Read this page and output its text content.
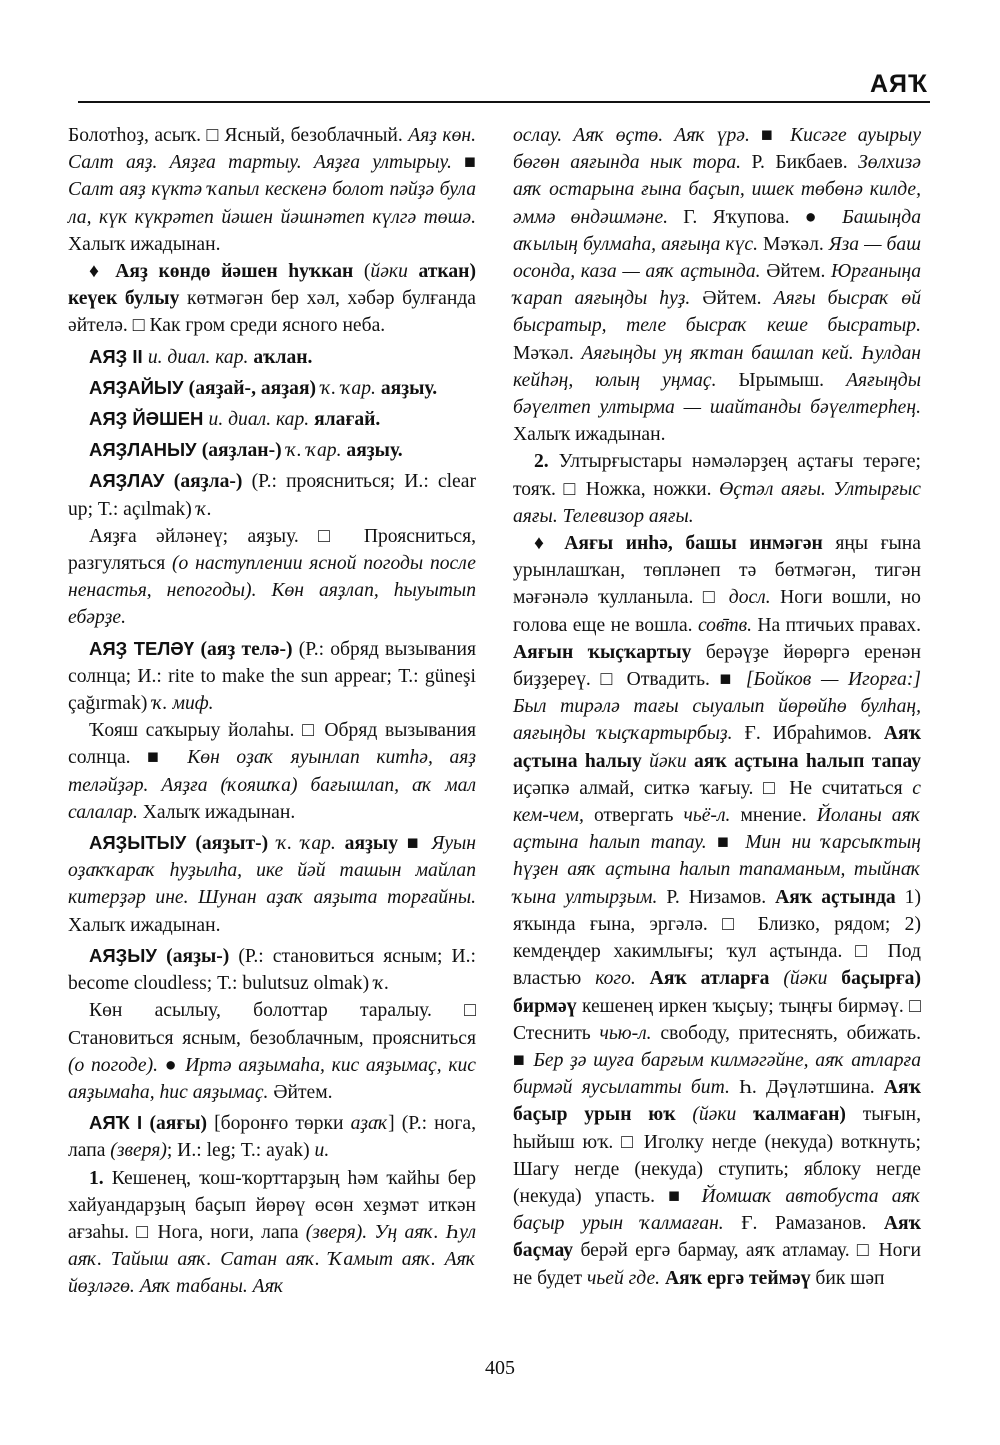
АЯҠ

Болотһоҙ, асыҡ. □ Ясный, безоблачный. Аяҙ көн. Салт аяҙ. Аяҙға тартыу. Аяҙға ултырыу. ■ Салт аяҙ күктә ҡапыл кескенә болот пәйҙә була ла, күк күкрәтеп йәшен йәшнәтеп күлгә төшә. Халыҡ ижадынан.

♦ Аяҙ көндө йәшен һуҡкан (йәки аткан) кеүек булыу көтмәгән бер хәл, хәбәр булғанда әйтелә. □ Как гром среди ясного неба.

АЯҘ II и. диал. кар. аҡлан.

АЯҘАЙЫУ (аяҙай-, аяҙая) ҡ. ҡар. аяҙыу.

АЯҘ ЙӘШЕН и. диал. кар. ялағай.

АЯҘЛАНЫУ (аяҙлан-) ҡ. ҡар. аяҙыу.

АЯҘЛАУ (аяҙла-) (Р.: проясниться; И.: clear up; Т.: açılmak) ҡ.

Аяҙға әйләнеү; аяҙыу. □ Проясниться, разгуляться (о наступлении ясной погоды после ненастья, непогоды). Көн аяҙлап, һыуытып ебәрҙе.

АЯҘ ТЕЛӘҮ (аяҙ телә-) (Р.: обряд вызывания солнца; И.: rite to make the sun appear; Т.: güneşi çağırmak) ҡ. миф.

Ҡояш саҡырыу йолаһы. □ Обряд вызывания солнца. ■ Көн оҙаҡ яуынлап китһә, аяҙ теләйҙәр. Аяҙға (ҡояшҡа) бағышлап, аҡ мал салалар. Халыҡ ижадынан.

АЯҘЫТЫУ (аяҙыт-) ҡ. ҡар. аяҙыу ■ Яуын оҙаҡҡараҡ һуҙылһа, ике йәй ташын майлап китерҙәр ине. Шунан аҙаҡ аяҙыта торғайны. Халыҡ ижадынан.

АЯҘЫУ (аяҙы-) (Р.: становиться ясным; И.: become cloudless; Т.: bulutsuz olmak) ҡ.

Көн асылыу, болоттар таралыу. □ Становиться ясным, безоблачным, проясниться (о погоде). ● Иртә аяҙымаһа, кис аяҙымаҫ, кис аяҙымаһа, һис аяҙымаҫ. Әйтем.

АЯҠ I (аяғы) [боронғо төрки аҙаҡ] (Р.: нога, лапа (зверя); И.: leg; Т.: ayak) и.

1. Кешенең, ҡош-ҡорттарҙың һәм ҡайһы бер хайуандарҙың баҫып йөрөү өсөн хеҙмәт иткән ағзаһы. □ Нога, ноги, лапа (зверя). Уң аяҡ. Һул аяҡ. Тайыш аяҡ. Сатан аяҡ. Ҡамыт аяҡ. Аяҡ йөҙләгө. Аяҡ табаны. Аяҡ

ослау. Аяҡ өҫтө. Аяҡ үрә. ■ Кисәге ауырыу бөгөн аяғында нык тора. Р. Бикбаев. Зөлхизә аяҡ остарына ғына баҫып, ишек төбөнә килде, әммә өндәшмәне. Г. Яҡупова. ● Башыңда аҡылың булмаһа, аяғыңа күс. Мәҡәл. Яза — баш осонда, каза — аяҡ аҫтында. Әйтем. Юрғаныңа ҡарап аяғыңды һуҙ. Әйтем. Аяғы бысраҡ өй бысратыр, теле бысраҡ кеше бысратыр. Мәҡәл. Аяғыңды уң яҡтан башлап кей. Һулдан кейһәң, юлың уңмаҫ. Ырымыш. Аяғыңды бәүелтеп ултырма — шайтанды бәүелтерһең. Халыҡ ижадынан.

2. Ултырғыстары нәмәләрҙең аҫтағы терәге; тояҡ. □ Ножка, ножки. Өҫтәл аяғы. Ултырғыс аяғы. Телевизор аяғы.

♦ Аяғы инһә, башы инмәгән яңы ғына урынлашҡан, төпләнеп тә бөтмәгән, тигән мәғәнәлә ҡулланыла. □ досл. Ноги вошли, но голова еще не вошла. сов̄тв. На птичьих правах. Аяғын ҡыҫҡартыу берәүҙе йөрөргә еренән биҙҙереү. □ Отвадить. ■ [Бойков — Игорға:] Был тирәлә тағы сыуалып йөрөйһө булһаң, аяғыңды ҡыҫҡартырбыҙ. Ғ. Ибраһимов. Аяҡ аҫтына һалыу йәки аяҡ аҫтына һалып тапау иҫәпкә алмай, ситкә ҡағыу. □ Не считаться с кем-чем, отвергать чьё-л. мнение. Йоланы аяҡ аҫтына һалып тапау. ■ Мин ни ҡарсыҡтың һүҙен аяҡ аҫтына һалып тапаманым, тыйнаҡ ҡына ултырҙым. Р. Низамов. Аяҡ аҫтында 1) яҡында ғына, эргәлә. □ Близко, рядом; 2) кемдеңдер хакимлығы; ҡул аҫтында. □ Под властью кого. Аяҡ атларға (йәки баҫырға) бирмәү кешенең иркен ҡыҫыу; тыңғы бирмәү. □ Стеснить чью-л. свободу, притеснять, обижать. ■ Бер ҙә шуға барғым килмәгәйне, аяҡ атларға бирмәй яусылатты бит. Һ. Дәүләтшина. Аяҡ баҫыр урын юҡ (йәки ҡалмаған) тығын, һыйыш юҡ. □ Иголку негде (некуда) воткнуть; Шагу негде (некуда) ступить; яблоку негде (некуда) упасть. ■ Йомшаҡ автобуста аяҡ баҫыр урын ҡалмаған. Ғ. Рамазанов. Аяҡ баҫмау берәй ергә бармау, аяҡ атламау. □ Ноги не будет чьей где. Аяҡ ергә теймәү бик шәп

405
